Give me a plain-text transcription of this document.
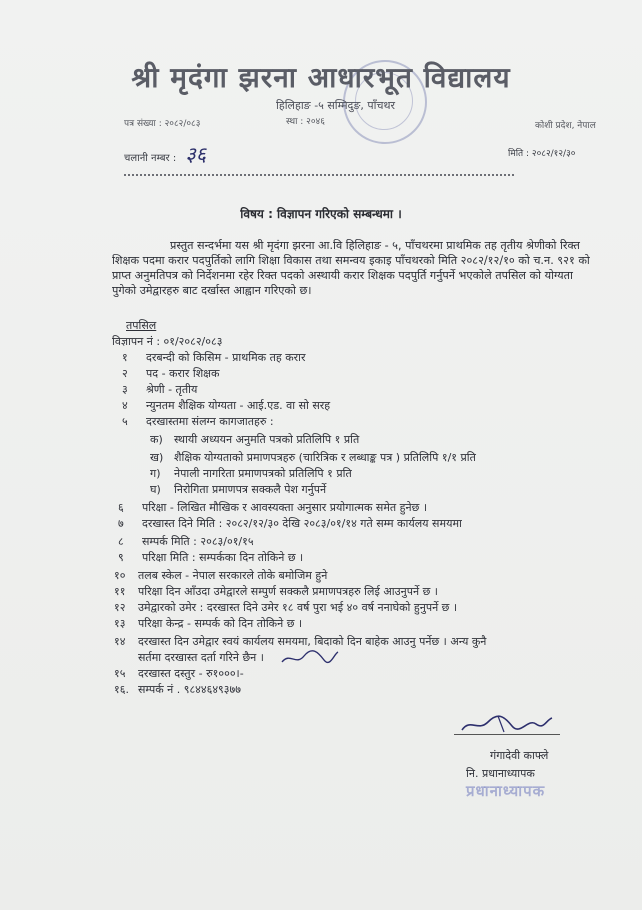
श्री मृदंगा झरना आधारभूत विद्यालय
हिलिहाङ -५ सम्मिदुङ, पाँचथर
पत्र संख्या : २०८२/०८३	स्था : २०४६	कोशी प्रदेश, नेपाल
चलानी नम्बर : ३६	मिति : २०८२/१२/३०
विषय : विज्ञापन गरिएको सम्बन्धमा ।
प्रस्तुत सन्दर्भमा यस श्री मृदंगा झरना आ.वि हिलिहाङ - ५, पाँचथरमा प्राथमिक तह तृतीय श्रेणीको रिक्त शिक्षक पदमा करार पदपुर्तिको लागि शिक्षा विकास तथा समन्वय इकाइ पाँचथरको मिति २०८२/१२/१० को च.न. ९२१ को प्राप्त अनुमतिपत्र को निर्देशनमा रहेर रिक्त पदको अस्थायी करार शिक्षक पदपुर्ति गर्नुपर्ने भएकोले तपसिल को योग्यता पुगेको उमेद्वारहरु बाट दर्खास्त आह्वान गरिएको छ।
तपसिल
विज्ञापन नं : ०१/२०८२/०८३
१ दरबन्दी को किसिम - प्राथमिक तह करार
२ पद - करार शिक्षक
३ श्रेणी - तृतीय
४ न्युनतम शैक्षिक योग्यता - आई.एड. वा सो सरह
५ दरखास्तमा संलग्न कागजातहरु :
क) स्थायी अध्ययन अनुमति पत्रको प्रतिलिपि १ प्रति
ख) शैक्षिक योग्यताको प्रमाणपत्रहरु (चारित्रिक र लब्धाङ्क पत्र ) प्रतिलिपि १/१ प्रति
ग) नेपाली नागरिता प्रमाणपत्रको प्रतिलिपि १ प्रति
घ) निरोगिता प्रमाणपत्र सक्कलै पेश गर्नुपर्ने
६ परिक्षा - लिखित मौखिक र आवस्यक्ता अनुसार प्रयोगात्मक समेत हुनेछ ।
७ दरखास्त दिने मिति : २०८२/१२/३० देखि २०८३/०१/१४ गते सम्म कार्यलय समयमा
८ सम्पर्क मिति : २०८३/०१/१५
९ परिक्षा मिति : सम्पर्कका दिन तोकिने छ ।
१० तलब स्केल - नेपाल सरकारले तोके बमोजिम हुने
११ परिक्षा दिन आँउदा उमेद्वारले सम्पुर्ण सक्कलै प्रमाणपत्रहरु लिई आउनुपर्ने छ ।
१२ उमेद्वारको उमेर : दरखास्त दिने उमेर १८ वर्ष पुरा भई ४० वर्ष ननाघेको हुनुपर्ने छ ।
१३ परिक्षा केन्द्र - सम्पर्क को दिन तोकिने छ ।
१४ दरखास्त दिन उमेद्वार स्वयं कार्यलय समयमा, बिदाको दिन बाहेक आउनु पर्नेछ । अन्य कुनै
सर्तमा दरखास्त दर्ता गरिने छैन ।
१५ दरखास्त दस्तुर - रु१०००।-
१६. सम्पर्क नं . ९८४४६४९३७७
गंगादेवी काफ्ले
नि. प्रधानाध्यापक
प्रधानाध्यापक
